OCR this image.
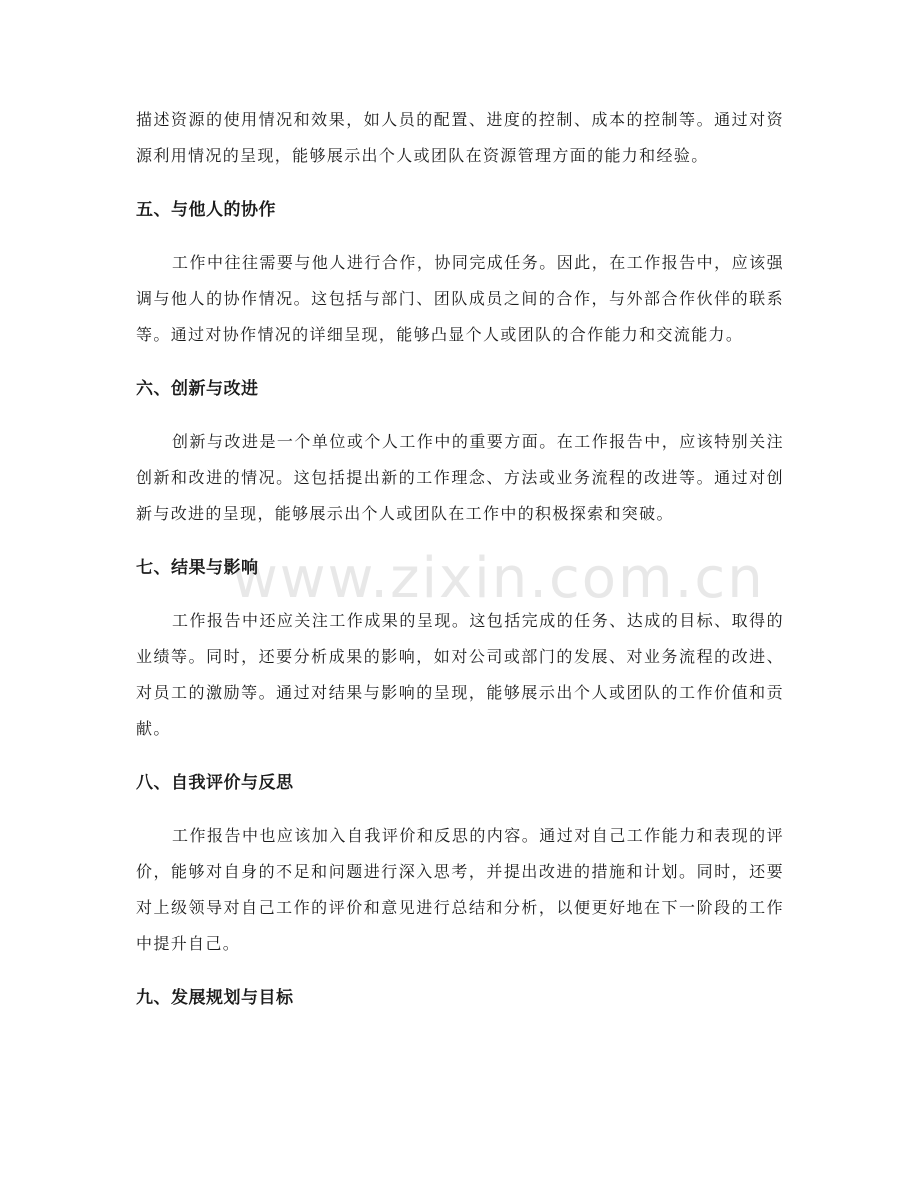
www.zixin.com.cn

描述资源的使用情况和效果，如人员的配置、进度的控制、成本的控制等。通过对资源利用情况的呈现，能够展示出个人或团队在资源管理方面的能力和经验。

五、与他人的协作

工作中往往需要与他人进行合作，协同完成任务。因此，在工作报告中，应该强调与他人的协作情况。这包括与部门、团队成员之间的合作，与外部合作伙伴的联系等。通过对协作情况的详细呈现，能够凸显个人或团队的合作能力和交流能力。

六、创新与改进

创新与改进是一个单位或个人工作中的重要方面。在工作报告中，应该特别关注创新和改进的情况。这包括提出新的工作理念、方法或业务流程的改进等。通过对创新与改进的呈现，能够展示出个人或团队在工作中的积极探索和突破。

七、结果与影响

工作报告中还应关注工作成果的呈现。这包括完成的任务、达成的目标、取得的业绩等。同时，还要分析成果的影响，如对公司或部门的发展、对业务流程的改进、对员工的激励等。通过对结果与影响的呈现，能够展示出个人或团队的工作价值和贡献。

八、自我评价与反思

工作报告中也应该加入自我评价和反思的内容。通过对自己工作能力和表现的评价，能够对自身的不足和问题进行深入思考，并提出改进的措施和计划。同时，还要对上级领导对自己工作的评价和意见进行总结和分析，以便更好地在下一阶段的工作中提升自己。

九、发展规划与目标
